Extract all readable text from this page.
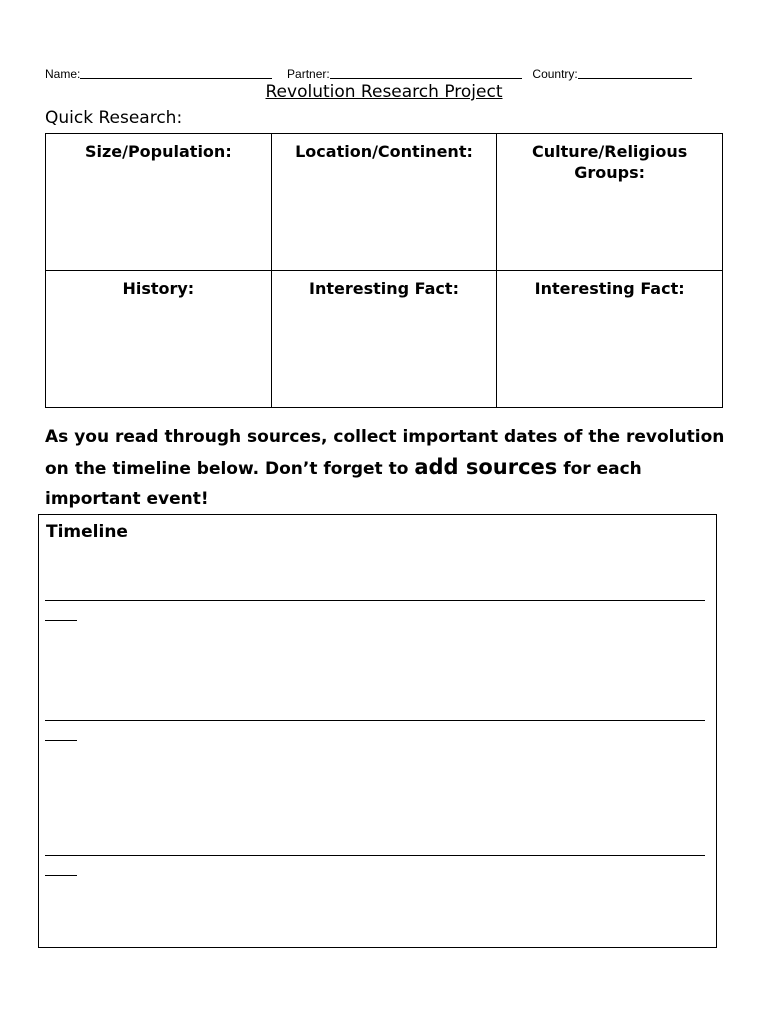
Name:	Partner:	Country:
Revolution Research Project
Quick Research:
Size/Population:	Location/Continent:	Culture/Religious Groups:
History:	Interesting Fact:	Interesting Fact:
As you read through sources, collect important dates of the revolution on the timeline below. Don’t forget to add sources for each important event!
Timeline
